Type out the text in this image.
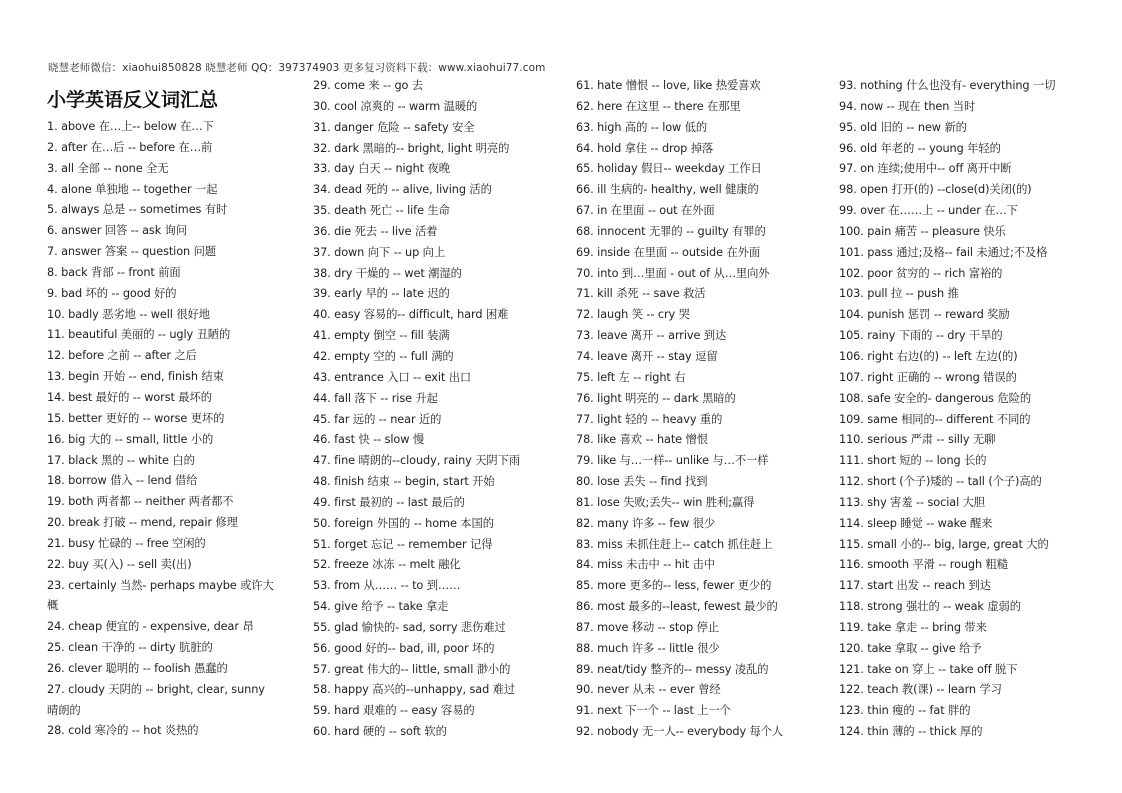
晓慧老师微信：xiaohui850828 晓慧老师 QQ：397374903 更多复习资料下载：www.xiaohui77.com
小学英语反义词汇总
1. above 在…上-- below 在…下
2. after 在…后 -- before 在…前
3. all 全部 -- none 全无
4. alone 单独地 -- together 一起
5. always 总是 -- sometimes 有时
6. answer 回答 -- ask 询问
7. answer 答案 -- question 问题
8. back 背部 -- front 前面
9. bad 坏的 -- good 好的
10. badly 恶劣地 -- well 很好地
11. beautiful 美丽的 -- ugly 丑陋的
12. before 之前 -- after 之后
13. begin 开始 -- end, finish 结束
14. best 最好的 -- worst 最坏的
15. better 更好的 -- worse 更坏的
16. big 大的 -- small, little 小的
17. black 黑的 -- white 白的
18. borrow 借入 -- lend 借给
19. both 两者都 -- neither 两者都不
20. break 打破 -- mend, repair 修理
21. busy 忙碌的 -- free 空闲的
22. buy 买(入) -- sell 卖(出)
23. certainly 当然- perhaps maybe 或许大
概
24. cheap 便宜的 - expensive, dear 昂
25. clean 干净的 -- dirty 肮脏的
26. clever 聪明的 -- foolish 愚蠢的
27. cloudy 天阴的 -- bright, clear, sunny
晴朗的
28. cold 寒冷的 -- hot 炎热的
29. come 来 -- go 去
30. cool 凉爽的 -- warm 温暖的
31. danger 危险 -- safety 安全
32. dark 黑暗的-- bright, light 明亮的
33. day 白天 -- night 夜晚
34. dead 死的 -- alive, living 活的
35. death 死亡 -- life 生命
36. die 死去 -- live 活着
37. down 向下 -- up 向上
38. dry 干燥的 -- wet 潮湿的
39. early 早的 -- late 迟的
40. easy 容易的-- difficult, hard 困难
41. empty 倒空 -- fill 装满
42. empty 空的 -- full 满的
43. entrance 入口 -- exit 出口
44. fall 落下 -- rise 升起
45. far 远的 -- near 近的
46. fast 快 -- slow 慢
47. fine 晴朗的--cloudy, rainy 天阴下雨
48. finish 结束 -- begin, start 开始
49. first 最初的 -- last 最后的
50. foreign 外国的 -- home 本国的
51. forget 忘记 -- remember 记得
52. freeze 冰冻 -- melt 融化
53. from 从…… -- to 到……
54. give 给予 -- take 拿走
55. glad 愉快的- sad, sorry 悲伤难过
56. good 好的-- bad, ill, poor 坏的
57. great 伟大的-- little, small 渺小的
58. happy 高兴的--unhappy, sad 难过
59. hard 艰难的 -- easy 容易的
60. hard 硬的 -- soft 软的
61. hate 憎恨 -- love, like 热爱喜欢
62. here 在这里 -- there 在那里
63. high 高的 -- low 低的
64. hold 拿住 -- drop 掉落
65. holiday 假日-- weekday 工作日
66. ill 生病的- healthy, well 健康的
67. in 在里面 -- out 在外面
68. innocent 无罪的 -- guilty 有罪的
69. inside 在里面 -- outside 在外面
70. into 到…里面 - out of 从…里向外
71. kill 杀死 -- save 救活
72. laugh 笑 -- cry 哭
73. leave 离开 -- arrive 到达
74. leave 离开 -- stay 逗留
75. left 左 -- right 右
76. light 明亮的 -- dark 黑暗的
77. light 轻的 -- heavy 重的
78. like 喜欢 -- hate 憎恨
79. like 与…一样-- unlike 与…不一样
80. lose 丢失 -- find 找到
81. lose 失败;丢失-- win 胜利;赢得
82. many 许多 -- few 很少
83. miss 未抓住赶上-- catch 抓住赶上
84. miss 未击中 -- hit 击中
85. more 更多的-- less, fewer 更少的
86. most 最多的--least, fewest 最少的
87. move 移动 -- stop 停止
88. much 许多 -- little 很少
89. neat/tidy 整齐的-- messy 凌乱的
90. never 从未 -- ever 曾经
91. next 下一个 -- last 上一个
92. nobody 无一人-- everybody 每个人
93. nothing 什么也没有- everything 一切
94. now -- 现在 then 当时
95. old 旧的 -- new 新的
96. old 年老的 -- young 年轻的
97. on 连续;使用中-- off 离开中断
98. open 打开(的) --close(d)关闭(的)
99. over 在……上 -- under 在…下
100. pain 痛苦 -- pleasure 快乐
101. pass 通过;及格-- fail 未通过;不及格
102. poor 贫穷的 -- rich 富裕的
103. pull 拉 -- push 推
104. punish 惩罚 -- reward 奖励
105. rainy 下雨的 -- dry 干旱的
106. right 右边(的) -- left 左边(的)
107. right 正确的 -- wrong 错误的
108. safe 安全的- dangerous 危险的
109. same 相同的-- different 不同的
110. serious 严肃 -- silly 无聊
111. short 短的 -- long 长的
112. short (个子)矮的 -- tall (个子)高的
113. shy 害羞 -- social 大胆
114. sleep 睡觉 -- wake 醒来
115. small 小的-- big, large, great 大的
116. smooth 平滑 -- rough 粗糙
117. start 出发 -- reach 到达
118. strong 强壮的 -- weak 虚弱的
119. take 拿走 -- bring 带来
120. take 拿取 -- give 给予
121. take on 穿上 -- take off 脱下
122. teach 教(课) -- learn 学习
123. thin 瘦的 -- fat 胖的
124. thin 薄的 -- thick 厚的
